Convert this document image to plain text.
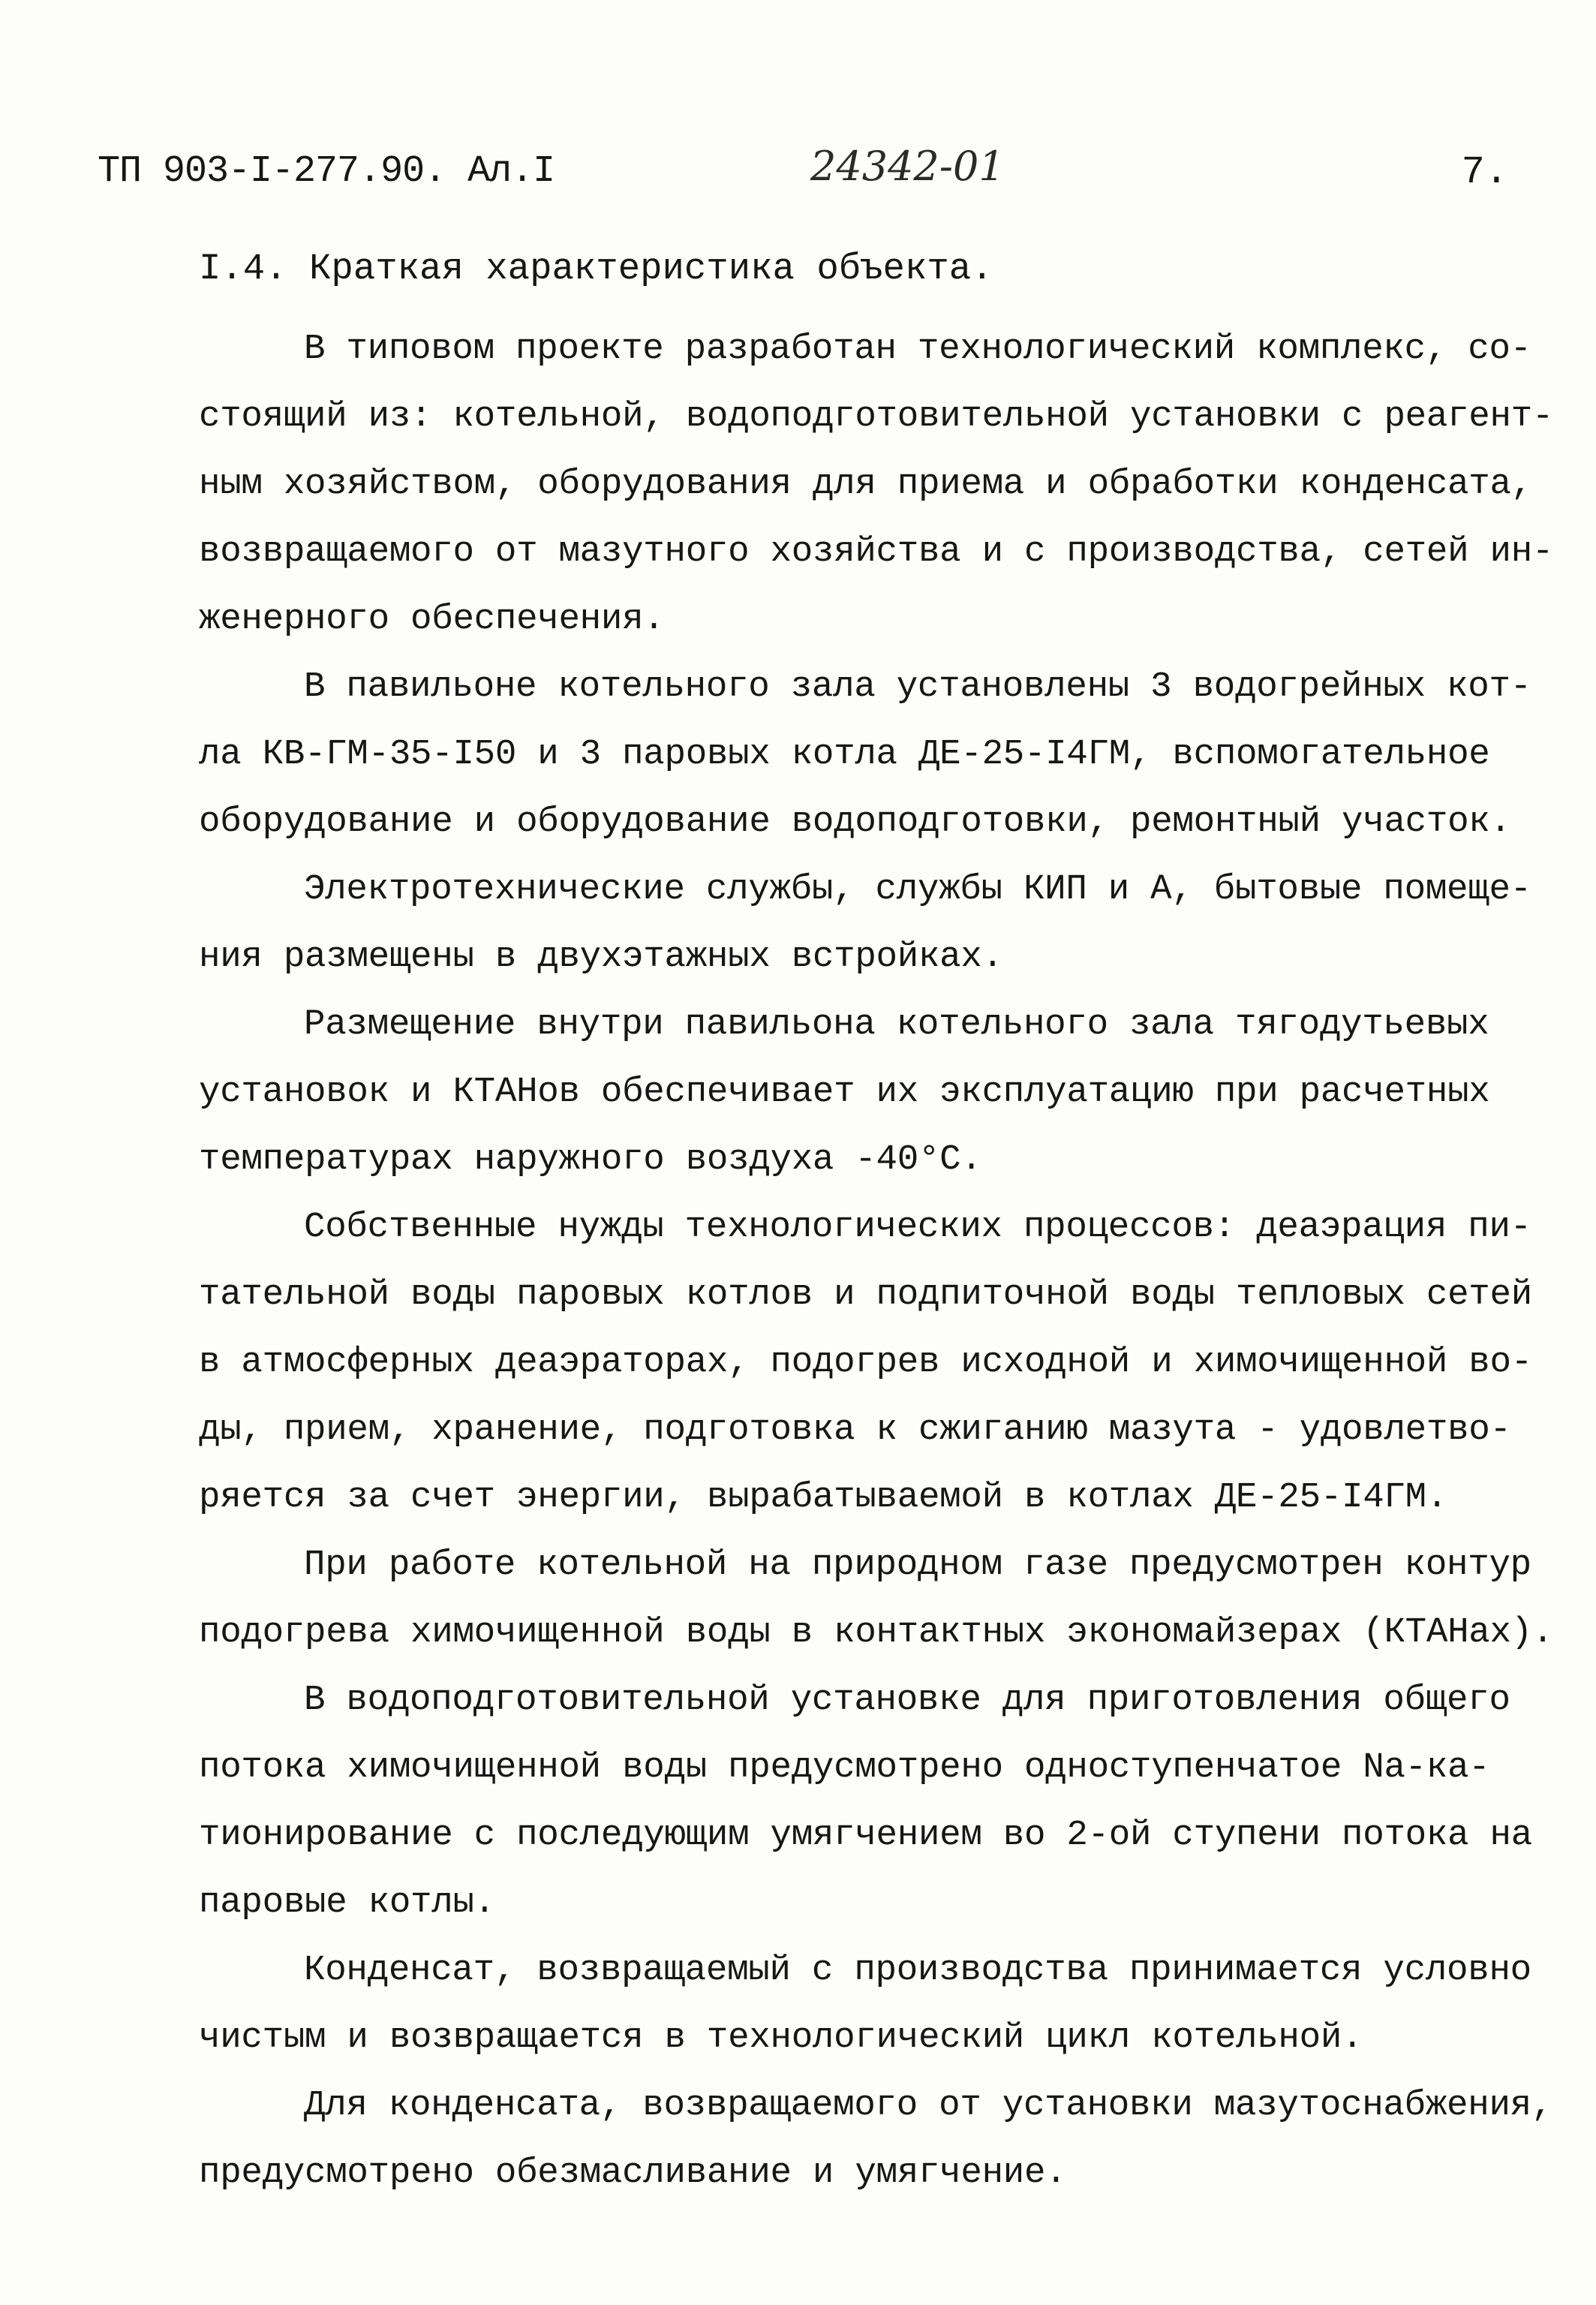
ТП 903-I-277.90. Ал.I	24342-01	7.
I.4. Краткая характеристика объекта.
В типовом проекте разработан технологический комплекс, со-
стоящий из: котельной, водоподготовительной установки с реагент-
ным хозяйством, оборудования для приема и обработки конденсата,
возвращаемого от мазутного хозяйства и с производства, сетей ин-
женерного обеспечения.
В павильоне котельного зала установлены 3 водогрейных кот-
ла КВ-ГМ-35-I50 и 3 паровых котла ДЕ-25-I4ГМ, вспомогательное
оборудование и оборудование водоподготовки, ремонтный участок.
Электротехнические службы, службы КИП и А, бытовые помеще-
ния размещены в двухэтажных встройках.
Размещение внутри павильона котельного зала тягодутьевых
установок и КТАНов обеспечивает их эксплуатацию при расчетных
температурах наружного воздуха -40°С.
Собственные нужды технологических процессов: деаэрация пи-
тательной воды паровых котлов и подпиточной воды тепловых сетей
в атмосферных деаэраторах, подогрев исходной и химочищенной во-
ды, прием, хранение, подготовка к сжиганию мазута - удовлетво-
ряется за счет энергии, вырабатываемой в котлах ДЕ-25-I4ГМ.
При работе котельной на природном газе предусмотрен контур
подогрева химочищенной воды в контактных экономайзерах (КТАНах).
В водоподготовительной установке для приготовления общего
потока химочищенной воды предусмотрено одноступенчатое Nа-ка-
тионирование с последующим умягчением во 2-ой ступени потока на
паровые котлы.
Конденсат, возвращаемый с производства принимается условно
чистым и возвращается в технологический цикл котельной.
Для конденсата, возвращаемого от установки мазутоснабжения,
предусмотрено обезмасливание и умягчение.
